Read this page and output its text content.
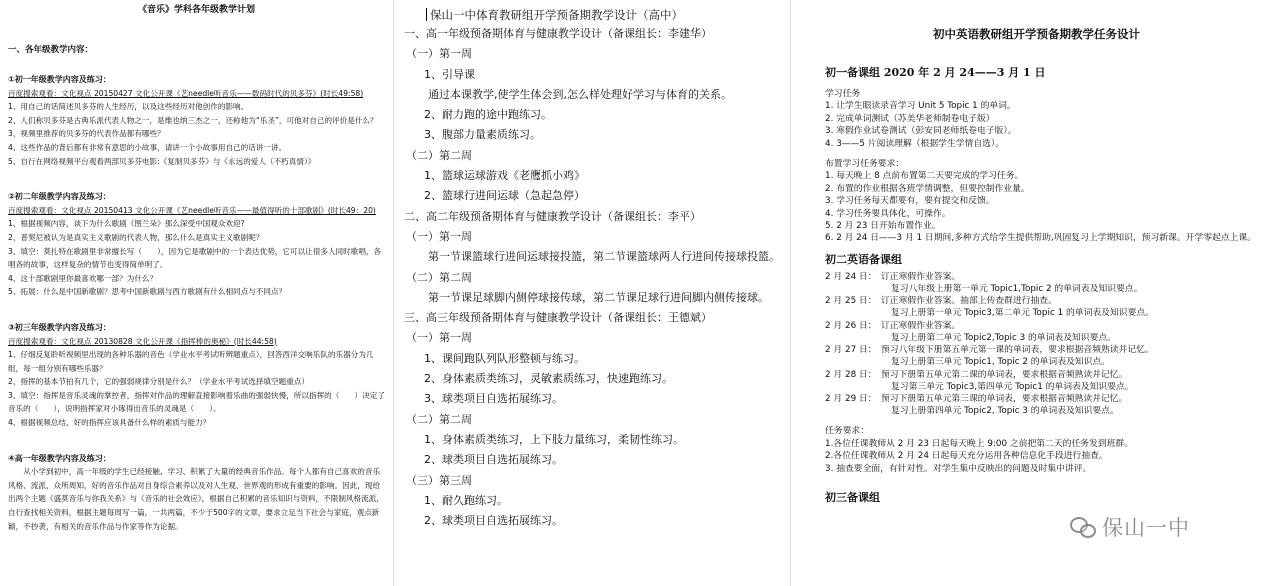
《音乐》学科各年级教学计划
一、各年级教学内容：
①初一年级教学内容及练习：
百度搜索观看：文化视点 20150427 文化公开课《艺needle听音乐——数码时代的贝多芬》(时长49:58)
1、用自己的话简述贝多芬的人生经历，以及这些经历对他创作的影响。
2、人们称贝多芬是古典乐派代表人物之一，是维也纳三杰之一，还称他为“乐圣”，可他对自己的评价是什么？
3、视频里推荐的贝多芬的代表作品都有哪些？
4、这些作品的背后都有非常有意思的小故事，请讲一个小故事用自己的话讲一讲。
5、自行在网络视频平台观看两部贝多芬电影:《复制贝多芬》与《永远的爱人（不朽真情）》
②初二年级教学内容及练习：
百度搜索观看：文化视点 20150413 文化公开课《艺needle听音乐——最值得听的十部歌剧》(时长49：20)
1、根据视频内容，谈下为什么歌剧《图兰朵》那么深受中国观众欢迎?
2、普契尼被认为是真实主义歌剧的代表人物，那么什么是真实主义歌剧呢？
3、填空：莫扎特在歌剧里非常擅长写（　　），因为它是歌剧中的一个表达优势，它可以让很多人同时歌唱，各唱各的故事，这样复杂的情节也变得简单明了。
4、这十部歌剧里你最喜欢哪一部？为什么？
5、拓展：什么是中国新歌剧？思考中国新歌剧与西方歌剧有什么相同点与不同点？
③初三年级教学内容及练习：
百度搜索观看：文化视点 20130828 文化公开课《指挥棒的奥秘》(时长44:58)
1、仔细反复聆听视频里出现的各种乐器的音色（学业水平考试听辨题重点），回答西洋交响乐队的乐器分为几组，每一组分别有哪些乐器？
2、指挥的基本节拍有几个，它的强弱规律分别是什么？（学业水平考试选择填空题重点）
3、填空：指挥是音乐灵魂的掌控者，指挥对作品的理解直接影响着乐曲的强弱快慢，所以指挥的（　　）决定了音乐的（　　），说明指挥家对小琢得出音乐的灵魂是（　　）。
4、根据视频总结，好的指挥应该具备什么样的素质与能力？
④高一年级教学内容及练习：
从小学到初中，高一年级的学生已经接触、学习、积累了大量的经典音乐作品。每个人都有自己喜欢的音乐风格、流派，众所周知，好的音乐作品对自身综合素养以及对人生观、世界观的形成有重要的影响。因此，现给出两个主题《盛莫音乐与你我关系》与《音乐的社会效应》，根据自己积累的音乐知识与资料，不限制风格流派，自行查找相关资料，根据主题每周写一篇，一共两篇，不少于500字的文章，要求立足当下社会与家庭，观点新颖，不抄袭，有相关的音乐作品与作家等作为论据。
保山一中体育教研组开学预备期教学设计（高中）
一、高一年级预备期体育与健康教学设计（备课组长：李建华）
（一）第一周
1、引导课
通过本课教学,使学生体会到,怎么样处理好学习与体育的关系。
2、耐力跑的途中跑练习。
3、腹部力量素质练习。
（二）第二周
1、篮球运球游戏《老鹰抓小鸡》
2、篮球行进间运球（急起急停）
二、高二年级预备期体育与健康教学设计（备课组长：李平）
（一）第一周
第一节课篮球行进间运球接投篮，第二节课篮球两人行进间传接球投篮。
（二）第二周
第一节课足球脚内侧停球接传球，第二节课足球行进间脚内侧传接球。
三、高三年级预备期体育与健康教学设计（备课组长：王德斌）
（一）第一周
1、课间跑队列队形整顿与练习。
2、身体素质类练习，灵敏素质练习，快速跑练习。
3、球类项目自选拓展练习。
（二）第二周
1、身体素质类练习，上下肢力量练习，柔韧性练习。
2、球类项目自选拓展练习。
（三）第三周
1、耐久跑练习。
2、球类项目自选拓展练习。
初中英语教研组开学预备期教学任务设计
初一备课组 2020 年 2 月 24——3 月 1 日
学习任务
1. 让学生眼读录音学习 Unit 5 Topic 1 的单词。
2. 完成单词测试（苏美华老师制卷电子版）
3. 寒假作业试卷测试（彭安同老师纸卷电子版）。
4. 3——5 片阅读理解（根据学生学情自选）。
布置学习任务要求：
1. 每天晚上 8 点前布置第二天要完成的学习任务。
2. 布置的作业根据各班学情调整，但要控制作业量。
3. 学习任务每天都要有，要有提交和反馈。
4. 学习任务要具体化，可操作。
5. 2 月 23 日开始布置作业。
6. 2 月 24 日——3 月 1 日期间,多种方式给学生提供帮助,巩固复习上学期知识，预习新课。开学零起点上课。
初二英语备课组
2 月 24 日： 订正寒假作业答案。
复习八年级上册第一单元 Topic1,Topic 2 的单词表及知识要点。
2 月 25 日： 订正寒假作业答案。抽部上传查群进行抽查。
复习上册第一单元 Topic3,第二单元 Topic 1 的单词表及知识要点。
2 月 26 日： 订正寒假作业答案。
复习上册第二单元 Topic2,Topic 3 的单词表及知识要点。
2 月 27 日： 预习八年级下册第五单元第一课的单词表，要求根据音频熟读并记忆。
复习上册第三单元 Topic1, Topic 2 的单词表及知识点。
2 月 28 日： 预习下册第五单元第二课的单词表，要求根据音频熟读并记忆。
复习第三单元 Topic3,第四单元 Topic1 的单词表及知识要点。
2 月 29 日： 预习下册第五单元第三课的单词表，要求根据音频熟读并记忆。
复习上册第四单元 Topic2, Topic 3 的单词表及知识要点。
任务要求：
1.各位任课教师从 2 月 23 日起每天晚上 9:00 之前把第二天的任务发到班群。
2.各位任课教师从 2 月 24 日起每天充分运用各种信息化手段进行抽查。
3. 抽查要全面，有针对性。对学生集中反映出的问题及时集中讲评。
初三备课组
保山一中
